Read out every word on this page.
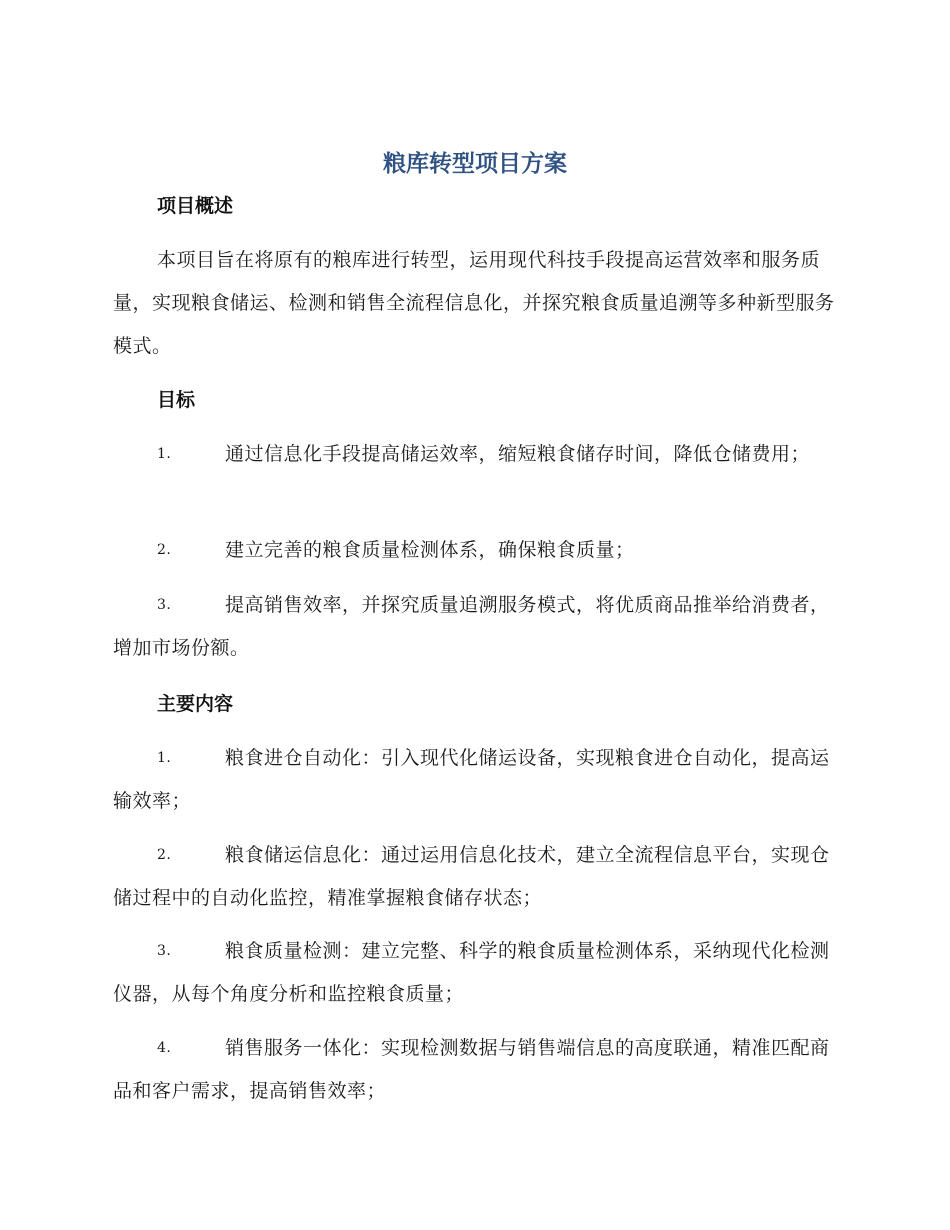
粮库转型项目方案
项目概述
本项目旨在将原有的粮库进行转型，运用现代科技手段提高运营效率和服务质量，实现粮食储运、检测和销售全流程信息化，并探究粮食质量追溯等多种新型服务模式。
目标
1.	通过信息化手段提高储运效率，缩短粮食储存时间，降低仓储费用；
2.	建立完善的粮食质量检测体系，确保粮食质量；
3.	提高销售效率，并探究质量追溯服务模式，将优质商品推举给消费者，增加市场份额。
主要内容
1.	粮食进仓自动化：引入现代化储运设备，实现粮食进仓自动化，提高运输效率；
2.	粮食储运信息化：通过运用信息化技术，建立全流程信息平台，实现仓储过程中的自动化监控，精准掌握粮食储存状态；
3.	粮食质量检测：建立完整、科学的粮食质量检测体系，采纳现代化检测仪器，从每个角度分析和监控粮食质量；
4.	销售服务一体化：实现检测数据与销售端信息的高度联通，精准匹配商品和客户需求，提高销售效率；
